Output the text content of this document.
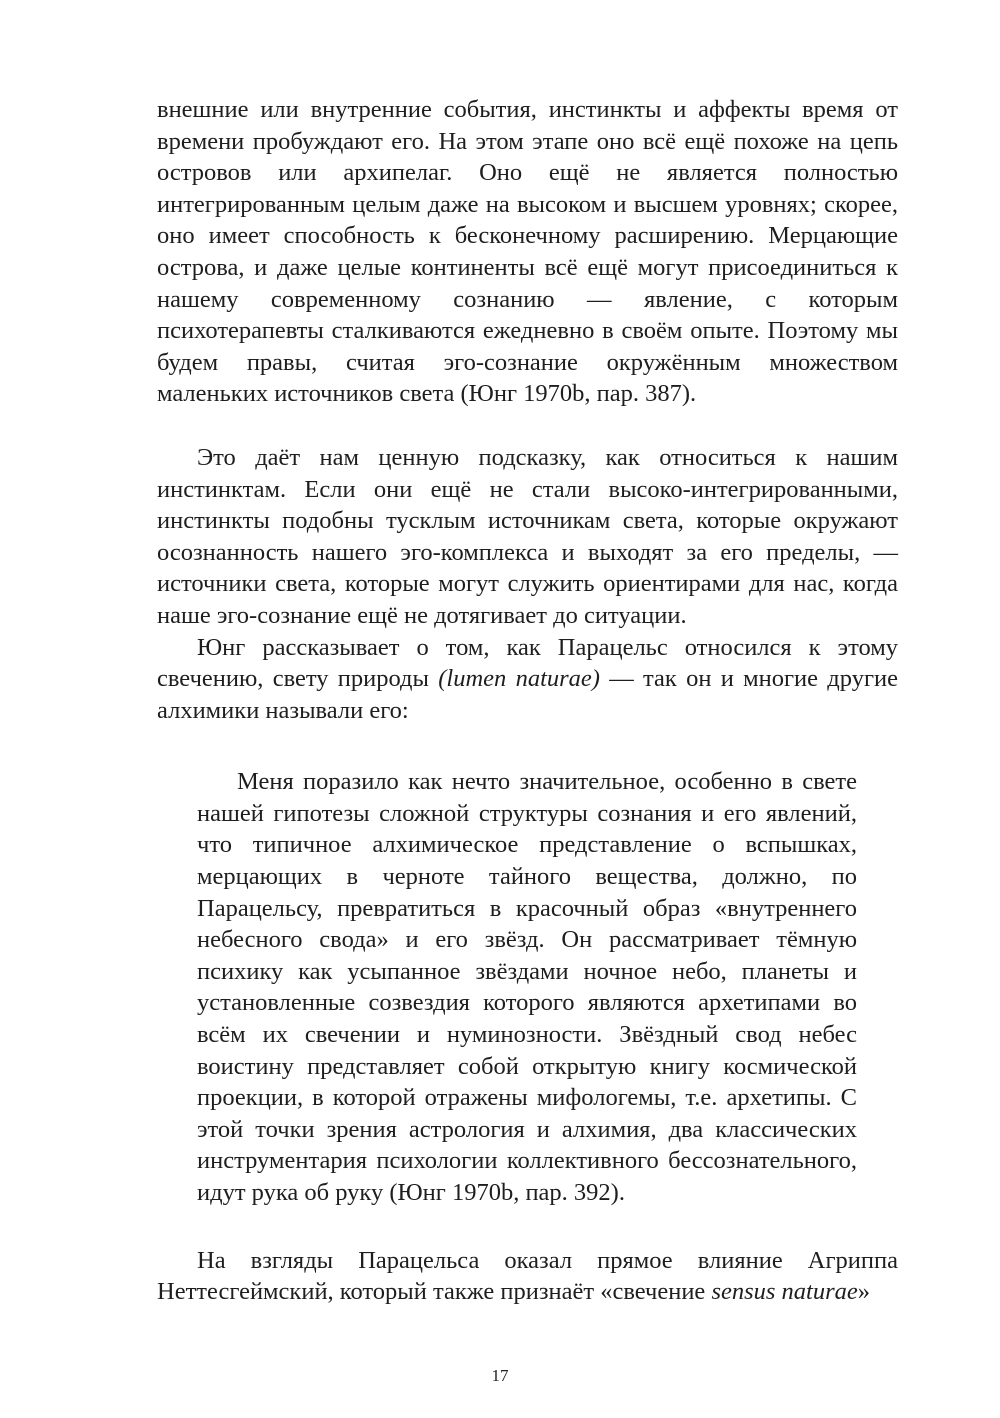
внешние или внутренние события, инстинкты и аффекты время от времени пробуждают его. На этом этапе оно всё ещё похоже на цепь островов или архипелаг. Оно ещё не является полностью интегрированным целым даже на высоком и высшем уровнях; скорее, оно имеет способность к бесконечному расширению. Мерцающие острова, и даже целые континенты всё ещё могут присоединиться к нашему современному сознанию — явление, с которым психотерапевты сталкиваются ежедневно в своём опыте. Поэтому мы будем правы, считая эго-сознание окружённым множеством маленьких источников света (Юнг 1970b, пар. 387).

Это даёт нам ценную подсказку, как относиться к нашим инстинктам. Если они ещё не стали высоко-интегрированными, инстинкты подобны тусклым источникам света, которые окружают осознанность нашего эго-комплекса и выходят за его пределы, — источники света, которые могут служить ориентирами для нас, когда наше эго-сознание ещё не дотягивает до ситуации.

Юнг рассказывает о том, как Парацельс относился к этому свечению, свету природы (lumen naturae) — так он и многие другие алхимики называли его:

Меня поразило как нечто значительное, особенно в свете нашей гипотезы сложной структуры сознания и его явлений, что типичное алхимическое представление о вспышках, мерцающих в черноте тайного вещества, должно, по Парацельсу, превратиться в красочный образ «внутреннего небесного свода» и его звёзд. Он рассматривает тёмную психику как усыпанное звёздами ночное небо, планеты и установленные созвездия которого являются архетипами во всём их свечении и нуминозности. Звёздный свод небес воистину представляет собой открытую книгу космической проекции, в которой отражены мифологемы, т.е. архетипы. С этой точки зрения астрология и алхимия, два классических инструментария психологии коллективного бессознательного, идут рука об руку (Юнг 1970b, пар. 392).

На взгляды Парацельса оказал прямое влияние Агриппа Неттесгеймский, который также признаёт «свечение sensus naturae»

17
